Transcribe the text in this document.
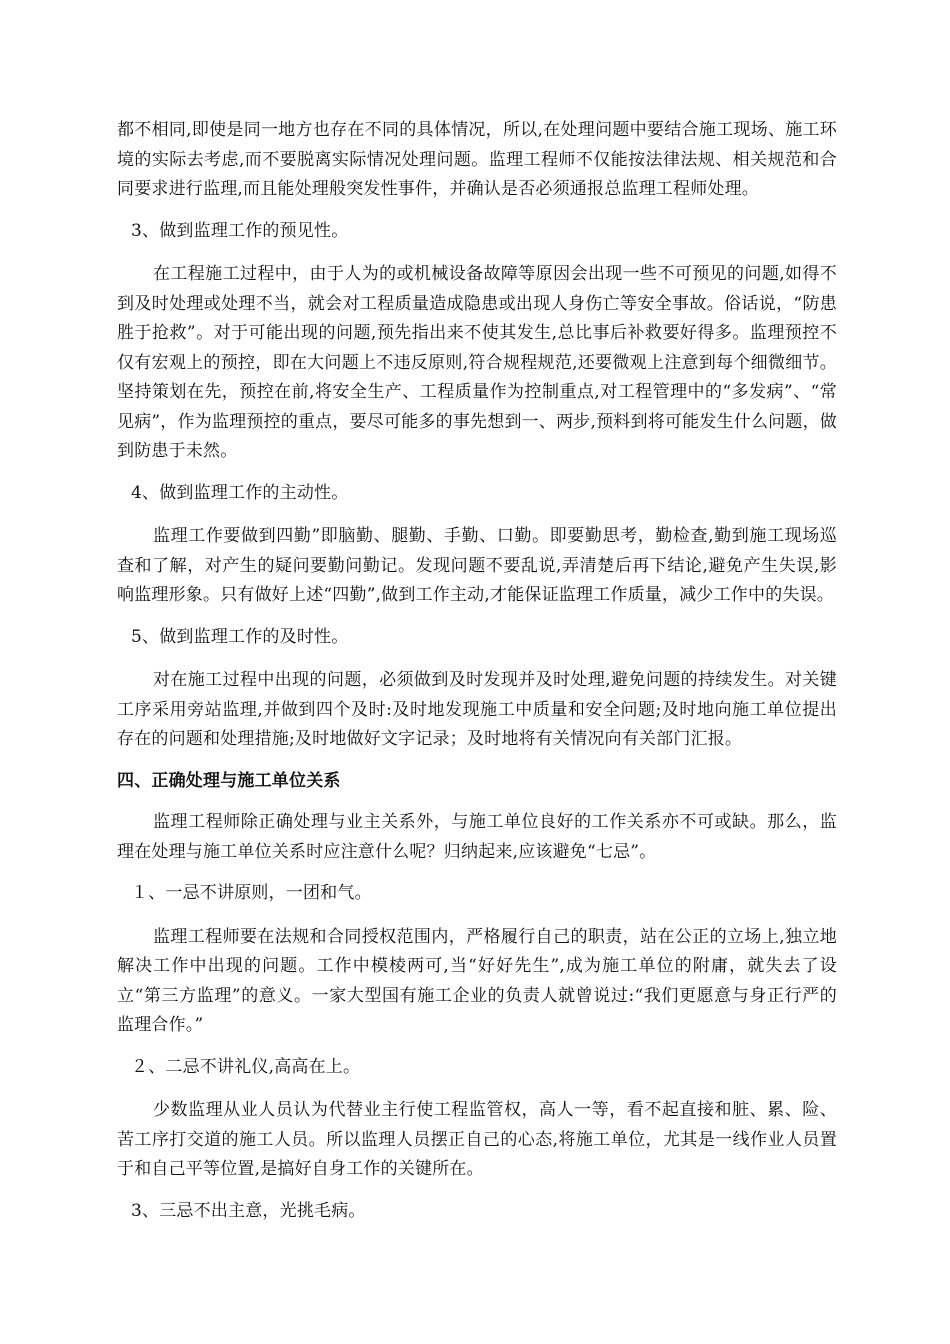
都不相同,即使是同一地方也存在不同的具体情况，所以,在处理问题中要结合施工现场、施工环境的实际去考虑,而不要脱离实际情况处理问题。监理工程师不仅能按法律法规、相关规范和合同要求进行监理,而且能处理般突发性事件，并确认是否必须通报总监理工程师处理。

3、做到监理工作的预见性。

在工程施工过程中，由于人为的或机械设备故障等原因会出现一些不可预见的问题,如得不到及时处理或处理不当，就会对工程质量造成隐患或出现人身伤亡等安全事故。俗话说，“防患胜于抢救”。对于可能出现的问题,预先指出来不使其发生,总比事后补救要好得多。监理预控不仅有宏观上的预控，即在大问题上不违反原则,符合规程规范,还要微观上注意到每个细微细节。坚持策划在先，预控在前,将安全生产、工程质量作为控制重点,对工程管理中的“多发病”、“常见病”，作为监理预控的重点，要尽可能多的事先想到一、两步,预料到将可能发生什么问题，做到防患于未然。

4、做到监理工作的主动性。

监理工作要做到四勤”即脑勤、腿勤、手勤、口勤。即要勤思考，勤检查,勤到施工现场巡查和了解，对产生的疑问要勤问勤记。发现问题不要乱说,弄清楚后再下结论,避免产生失误,影响监理形象。只有做好上述“四勤”,做到工作主动,才能保证监理工作质量，减少工作中的失误。

5、做到监理工作的及时性。

对在施工过程中出现的问题，必须做到及时发现并及时处理,避免问题的持续发生。对关键工序采用旁站监理,并做到四个及时:及时地发现施工中质量和安全问题;及时地向施工单位提出存在的问题和处理措施;及时地做好文字记录；及时地将有关情况向有关部门汇报。

四、正确处理与施工单位关系

监理工程师除正确处理与业主关系外，与施工单位良好的工作关系亦不可或缺。那么，监理在处理与施工单位关系时应注意什么呢？归纳起来,应该避免“七忌”。

１、一忌不讲原则，一团和气。

监理工程师要在法规和合同授权范围内，严格履行自己的职责，站在公正的立场上,独立地解决工作中出现的问题。工作中模棱两可,当“好好先生”,成为施工单位的附庸，就失去了设立“第三方监理”的意义。一家大型国有施工企业的负责人就曾说过:“我们更愿意与身正行严的监理合作。”

２、二忌不讲礼仪,高高在上。

少数监理从业人员认为代替业主行使工程监管权，高人一等，看不起直接和脏、累、险、苦工序打交道的施工人员。所以监理人员摆正自己的心态,将施工单位，尤其是一线作业人员置于和自己平等位置,是搞好自身工作的关键所在。

3、三忌不出主意，光挑毛病。
